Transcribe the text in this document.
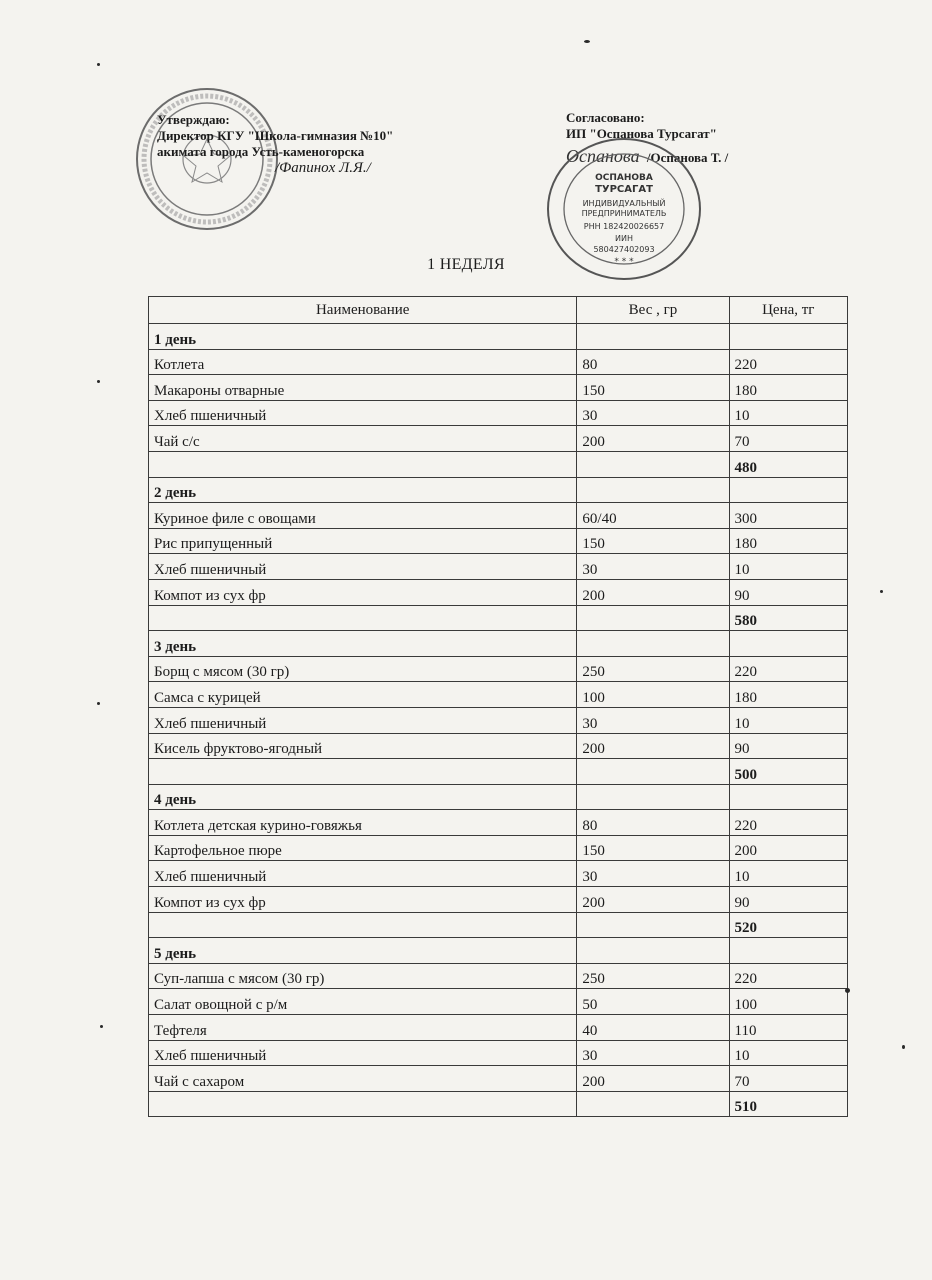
Утверждаю:
Директор КГУ "Школа-гимназия №10"
акимата города Усть-каменогорска
/Фапиноx Л.Я./
Согласовано:
ИП "Оспанова Турсагат"
Оспанова /Оспанова Т. /
ОСПАНОВА
ТУРСАГАТ
ИНДИВИДУАЛЬНЫЙ
ПРЕДПРИНИМАТЕЛЬ
РНН 182420026657
ИИН
580427402093
* * *
1 НЕДЕЛЯ
Наименование	Вес , гр	Цена, тг
1 день		
Котлета	80	220
Макароны отварные	150	180
Хлеб пшеничный	30	10
Чай с/с	200	70
		480
2 день		
Куриное филе с овощами	60/40	300
Рис припущенный	150	180
Хлеб пшеничный	30	10
Компот из сух фр	200	90
		580
3 день		
Борщ с мясом (30 гр)	250	220
Самса с курицей	100	180
Хлеб пшеничный	30	10
Кисель фруктово-ягодный	200	90
		500
4 день		
Котлета детская курино-говяжья	80	220
Картофельное пюре	150	200
Хлеб пшеничный	30	10
Компот из сух фр	200	90
		520
5 день		
Суп-лапша с мясом (30 гр)	250	220
Салат овощной с р/м	50	100
Тефтеля	40	110
Хлеб пшеничный	30	10
Чай с сахаром	200	70
		510
